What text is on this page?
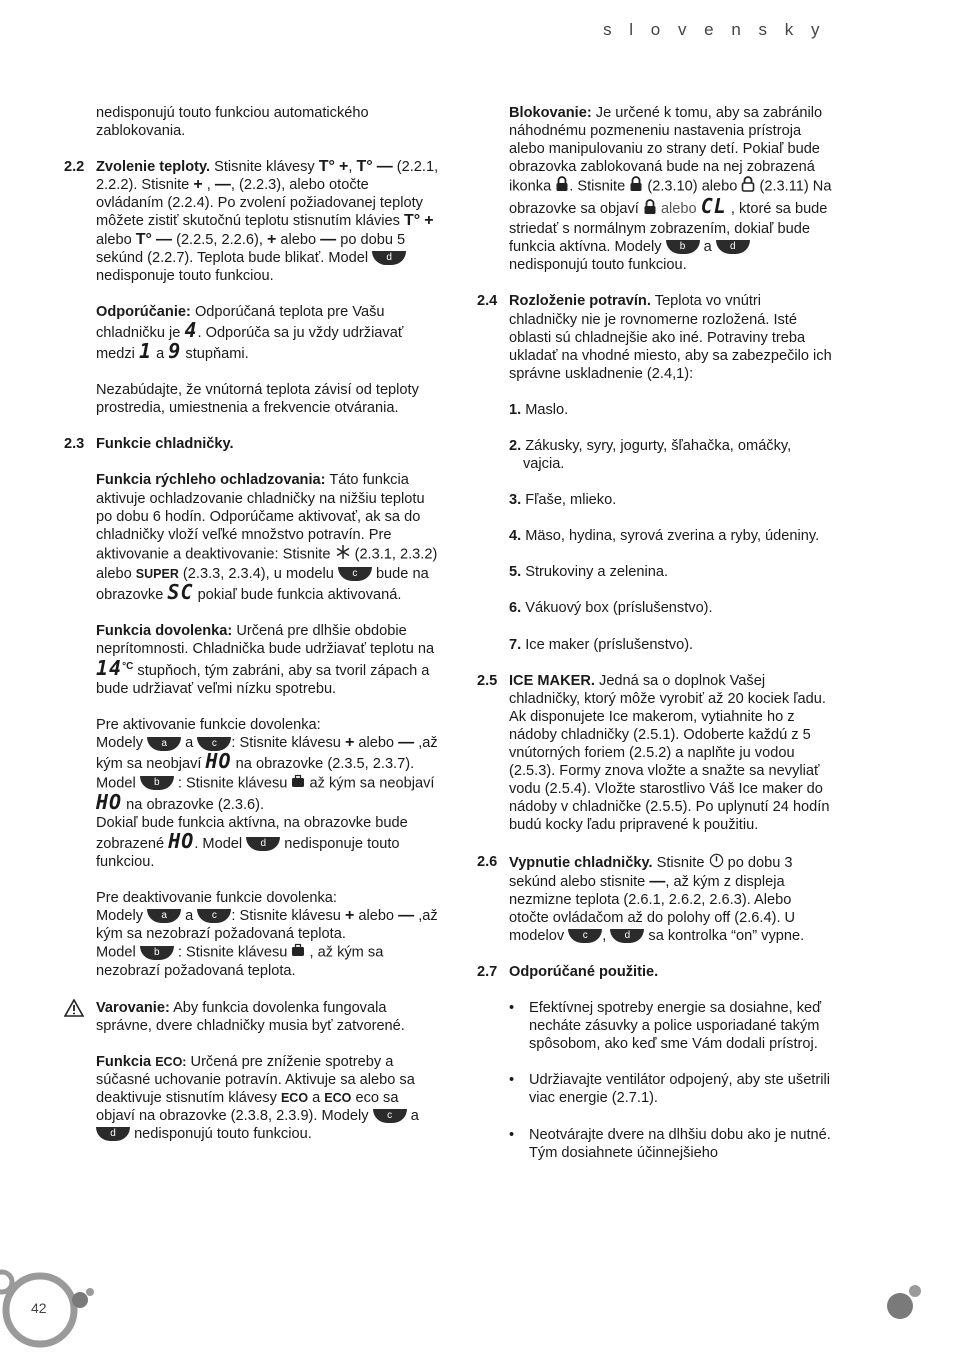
s l o v e n s k y
nedisponujú touto funkciou automatického zablokovania.
2.2 Zvolenie teploty. Stisnite klávesy T° +, T° — (2.2.1, 2.2.2). Stisnite + , —, (2.2.3), alebo otočte ovládaním (2.2.4). Po zvolení požiadovanej teploty môžete zistiť skutočnú teplotu stisnutím klávies T° + alebo T° — (2.2.5, 2.2.6), + alebo — po dobu 5 sekúnd (2.2.7). Teplota bude blikať. Model d nedisponuje touto funkciou.

Odporúčanie: Odporúčaná teplota pre Vašu chladničku je 4. Odporúča sa ju vždy udržiavať medzi 1 a 9 stupňami.

Nezabúdajte, že vnútorná teplota závisí od teploty prostredia, umiestnenia a frekvencie otvárania.

2.3 Funkcie chladničky.

Funkcia rýchleho ochladzovania: Táto funkcia aktivuje ochladzovanie chladničky na nižšiu teplotu po dobu 6 hodín. Odporúčame aktivovať, ak sa do chladničky vloží veľké množstvo potravín. Pre aktivovanie a deaktivovanie: Stisnite (2.3.1, 2.3.2) alebo SUPER (2.3.3, 2.3.4), u modelu c bude na obrazovke SC pokiaľ bude funkcia aktivovaná.

Funkcia dovolenka: Určená pre dlhšie obdobie neprítomnosti. Chladnička bude udržiavať teplotu na $14^{^\circ C}$ stupňoch, tým zabráni, aby sa tvoril zápach a bude udržiavať veľmi nízku spotrebu.

Pre aktivovanie funkcie dovolenka:
Modely a a c : Stisnite klávesu + alebo — ,až kým sa neobjaví HO na obrazovke (2.3.5, 2.3.7).
Model b : Stisnite klávesu až kým sa neobjaví HO na obrazovke (2.3.6).
Dokiaľ bude funkcia aktívna, na obrazovke bude zobrazené HO. Model d nedisponuje touto funkciou.

Pre deaktivovanie funkcie dovolenka:
Modely a a c : Stisnite klávesu + alebo — ,až kým sa nezobrazí požadovaná teplota.
Model b : Stisnite klávesu , až kým sa nezobrazí požadovaná teplota.

Varovanie: Aby funkcia dovolenka fungovala správne, dvere chladničky musia byť zatvorené.

Funkcia ECO: Určená pre zníženie spotreby a súčasné uchovanie potravín. Aktivuje sa alebo sa deaktivuje stisnutím klávesy ECO a ECO eco sa objaví na obrazovke (2.3.8, 2.3.9). Modely c a d nedisponujú touto funkciou.

Blokovanie: Je určené k tomu, aby sa zabránilo náhodnému pozmeneniu nastavenia prístroja alebo manipulovaniu zo strany detí. Pokiaľ bude obrazovka zablokovaná bude na nej zobrazená ikonka . Stisnite (2.3.10) alebo (2.3.11) Na obrazovke sa objaví alebo CL , ktoré sa bude striedať s normálnym zobrazením, dokiaľ bude funkcia aktívna. Modely b a d nedisponujú touto funkciou.

2.4 Rozloženie potravín. Teplota vo vnútri chladničky nie je rovnomerne rozložená. Isté oblasti sú chladnejšie ako iné. Potraviny treba ukladať na vhodné miesto, aby sa zabezpečilo ich správne uskladnenie (2.4,1):

1. Maslo.
2. Zákusky, syry, jogurty, šľahačka, omáčky, vajcia.
3. Fľaše, mlieko.
4. Mäso, hydina, syrová zverina a ryby, údeniny.
5. Strukoviny a zelenina.
6. Vákuový box (príslušenstvo).
7. Ice maker (príslušenstvo).
2.5 ICE MAKER. Jedná sa o doplnok Vašej chladničky, ktorý môže vyrobiť až 20 kociek ľadu. Ak disponujete Ice makerom, vytiahnite ho z nádoby chladničky (2.5.1). Odoberte každú z 5 vnútorných foriem (2.5.2) a naplňte ju vodou (2.5.3). Formy znova vložte a snažte sa nevyliať vodu (2.5.4). Vložte starostlivo Váš Ice maker do nádoby v chladničke (2.5.5). Po uplynutí 24 hodín budú kocky ľadu pripravené k použitiu.

2.6 Vypnutie chladničky. Stisnite po dobu 3 sekúnd alebo stisnite —, až kým z displeja nezmizne teplota (2.6.1, 2.6.2, 2.6.3). Alebo otočte ovládačom až do polohy off (2.6.4). U modelov c , d sa kontrolka “on” vypne.

2.7 Odporúčané použitie.

• Efektívnej spotreby energie sa dosiahne, keď necháte zásuvky a police usporiadané takým spôsobom, ako keď sme Vám dodali prístroj.
• Udržiavajte ventilátor odpojený, aby ste ušetrili viac energie (2.7.1).
• Neotvárajte dvere na dlhšiu dobu ako je nutné. Tým dosiahnete účinnejšieho
42
